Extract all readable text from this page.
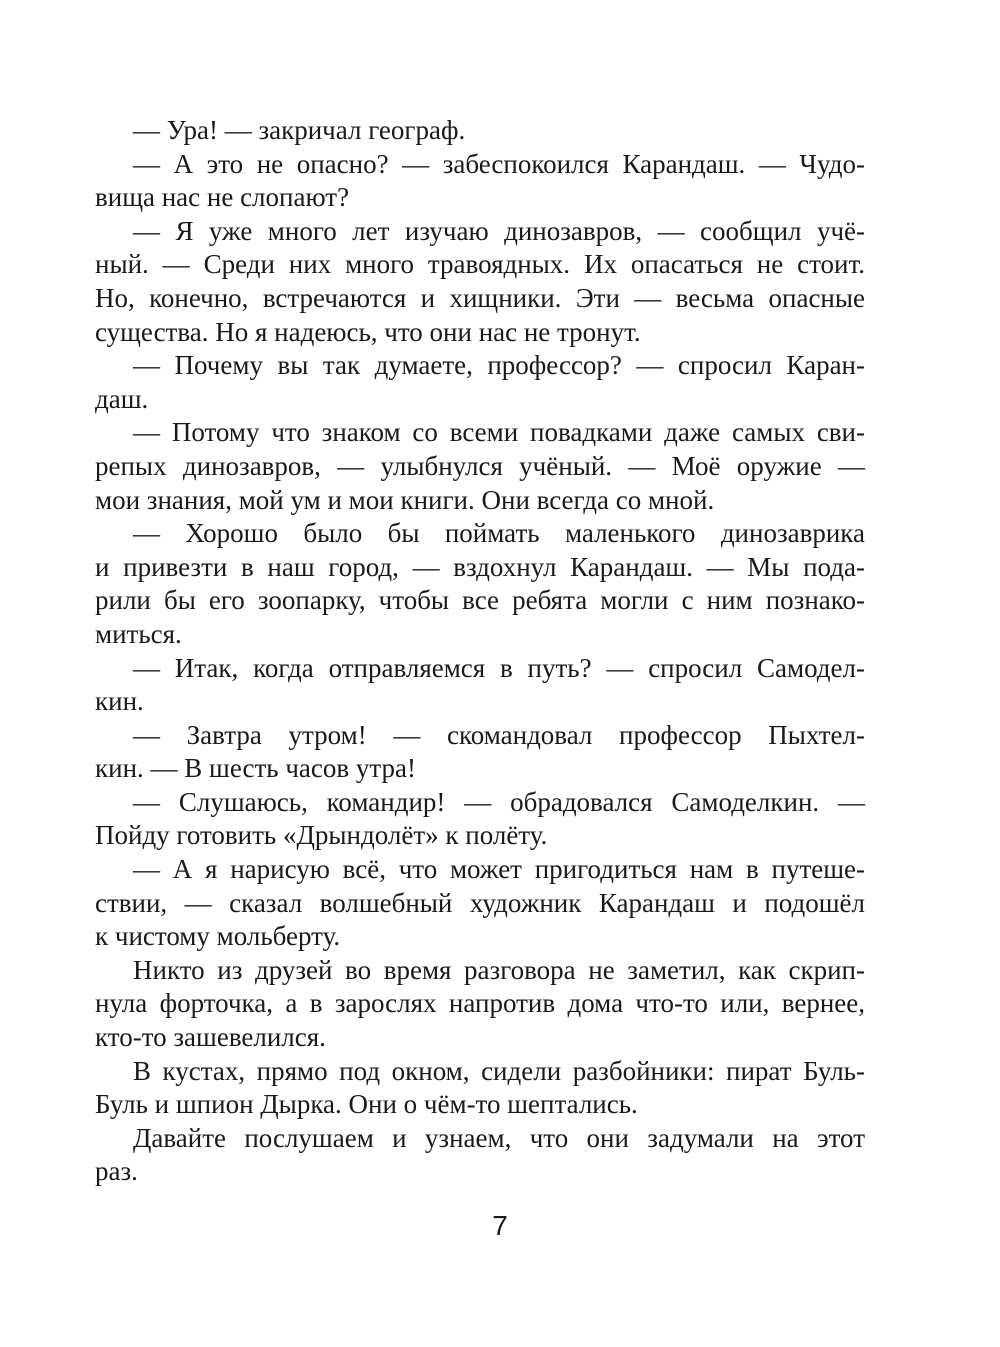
— Ура! — закричал географ.
— А это не опасно? — забеспокоился Карандаш. — Чудо-
вища нас не слопают?
— Я уже много лет изучаю динозавров, — сообщил учё-
ный. — Среди них много травоядных. Их опасаться не стоит.
Но, конечно, встречаются и хищники. Эти — весьма опасные
существа. Но я надеюсь, что они нас не тронут.
— Почему вы так думаете, профессор? — спросил Каран-
даш.
— Потому что знаком со всеми повадками даже самых сви-
репых динозавров, — улыбнулся учёный. — Моё оружие —
мои знания, мой ум и мои книги. Они всегда со мной.
— Хорошо было бы поймать маленького динозаврика
и привезти в наш город, — вздохнул Карандаш. — Мы пода-
рили бы его зоопарку, чтобы все ребята могли с ним познако-
миться.
— Итак, когда отправляемся в путь? — спросил Самодел-
кин.
— Завтра утром! — скомандовал профессор Пыхтел-
кин. — В шесть часов утра!
— Слушаюсь, командир! — обрадовался Самоделкин. —
Пойду готовить «Дрындолёт» к полёту.
— А я нарисую всё, что может пригодиться нам в путеше-
ствии, — сказал волшебный художник Карандаш и подошёл
к чистому мольберту.
Никто из друзей во время разговора не заметил, как скрип-
нула форточка, а в зарослях напротив дома что-то или, вернее,
кто-то зашевелился.
В кустах, прямо под окном, сидели разбойники: пират Буль-
Буль и шпион Дырка. Они о чём-то шептались.
Давайте послушаем и узнаем, что они задумали на этот
раз.
7
